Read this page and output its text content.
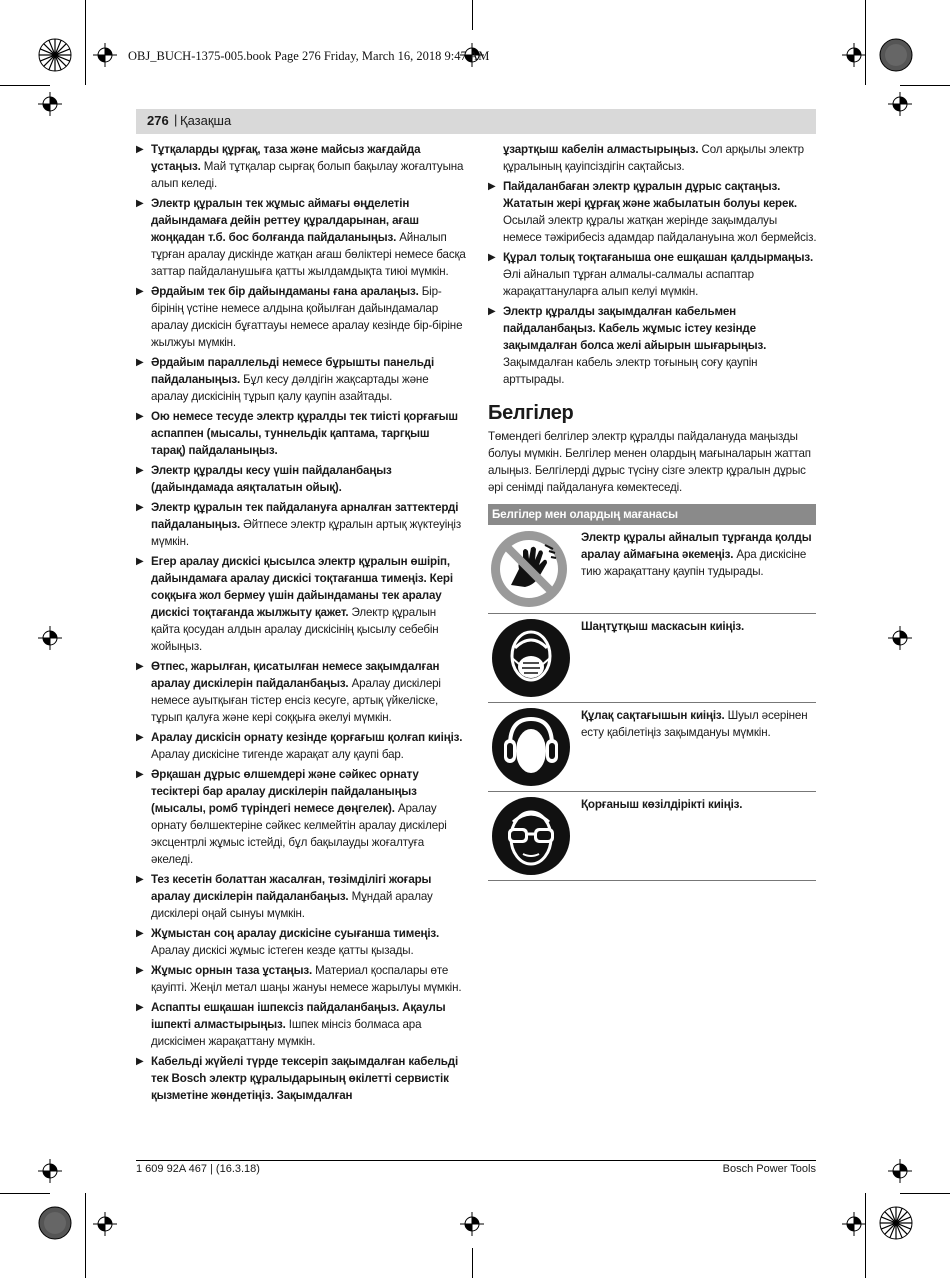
OBJ_BUCH-1375-005.book Page 276 Friday, March 16, 2018 9:47 AM
276 | Қазақша
▶ Тұтқаларды құрғақ, таза және майсыз жағдайда ұстаңыз. Май тұтқалар сырғақ болып бақылау жоғалтуына алып келеді.
▶ Электр құралын тек жұмыс аймағы өңделетін дайындамаға дейін реттеу құралдарынан, ағаш жоңқадан т.б. бос болғанда пайдаланыңыз. Айналып тұрған аралау дискінде жатқан ағаш бөліктері немесе басқа заттар пайдаланушыға қатты жылдамдықта тиюі мүмкін.
▶ Әрдайым тек бір дайындаманы ғана аралаңыз. Бір-бірінің үстіне немесе алдына қойылған дайындамалар аралау дискісін бұғаттауы немесе аралау кезінде бір-біріне жылжуы мүмкін.
▶ Әрдайым параллельді немесе бұрышты панельді пайдаланыңыз. Бұл кесу дәлдігін жақсартады және аралау дискісінің тұрып қалу қаупін азайтады.
▶ Ою немесе тесуде электр құралды тек тиісті қорғағыш аспаппен (мысалы, туннельдік қаптама, таргқыш тарақ) пайдаланыңыз.
▶ Электр құралды кесу үшін пайдаланбаңыз (дайындамада аяқталатын ойық).
▶ Электр құралын тек пайдалануға арналған заттектерді пайдаланыңыз. Әйтпесе электр құралын артық жүктеуіңіз мүмкін.
▶ Егер аралау дискісі қысылса электр құралын өшіріп, дайындамаға аралау дискісі тоқтағанша тимеңіз. Кері соққыға жол бермеу үшін дайындаманы тек аралау дискісі тоқтағанда жылжыту қажет. Электр құралын қайта қосудан алдын аралау дискісінің қысылу себебін жойыңыз.
▶ Өтпес, жарылған, қисатылған немесе зақымдалған аралау дискілерін пайдаланбаңыз. Аралау дискілері немесе ауытқыған тістер енсіз кесуге, артық үйкеліске, тұрып қалуға және кері соққыға әкелуі мүмкін.
▶ Аралау дискісін орнату кезінде қорғағыш қолғап киіңіз. Аралау дискісіне тигенде жарақат алу қаупі бар.
▶ Әрқашан дұрыс өлшемдері және сәйкес орнату тесіктері бар аралау дискілерін пайдаланыңыз (мысалы, ромб түріндегі немесе дөңгелек). Аралау орнату бөлшектеріне сәйкес келмейтін аралау дискілері эксцентрлі жұмыс істейді, бұл бақылауды жоғалтуға әкеледі.
▶ Тез кесетін болаттан жасалған, төзімділігі жоғары аралау дискілерін пайдаланбаңыз. Мұндай аралау дискілері оңай сынуы мүмкін.
▶ Жұмыстан соң аралау дискісіне суығанша тимеңіз. Аралау дискісі жұмыс істеген кезде қатты қызады.
▶ Жұмыс орнын таза ұстаңыз. Материал қоспалары өте қауіпті. Жеңіл метал шаңы жануы немесе жарылуы мүмкін.
▶ Аспапты ешқашан ішпексіз пайдаланбаңыз. Ақаулы ішпекті алмастырыңыз. Ішпек мінсіз болмаса ара дискісімен жарақаттану мүмкін.
▶ Кабельді жүйелі түрде тексеріп зақымдалған кабельді тек Bosch электр құралыдарының өкілетті сервистік қызметіне жөндетіңіз. Зақымдалған
ұзартқыш кабелін алмастырыңыз. Сол арқылы электр құралының қауіпсіздігін сақтайсыз.
▶ Пайдаланбаған электр құралын дұрыс сақтаңыз. Жататын жері құрғақ және жабылатын болуы керек. Осылай электр құралы жатқан жерінде зақымдалуы немесе тәжірибесіз адамдар пайдалануына жол бермейсіз.
▶ Құрал толық тоқтағаныша оне ешқашан қалдырмаңыз. Әлі айналып тұрған алмалы-салмалы аспаптар жарақаттануларға алып келуі мүмкін.
▶ Электр құралды зақымдалған кабельмен пайдаланбаңыз. Кабель жұмыс істеу кезінде зақымдалған болса желі айырын шығарыңыз. Зақымдалған кабель электр тоғының соғу қаупін арттырады.
Белгілер
Төмендегі белгілер электр құралды пайдалануда маңызды болуы мүмкін. Белгілер менен олардың мағыналарын жаттап алыңыз. Белгілерді дұрыс түсіну сізге электр құралын дұрыс әрі сенімді пайдалануға көмектеседі.
Белгілер мен олардың мағанасы	

	Электр құралы айналып тұрғанда қолды аралау аймағына әкемеңіз. Ара дискісіне тию жарақаттану қаупін тудырады.

	Шаңтұтқыш маскасын киіңіз.

	Құлақ сақтағышын киіңіз. Шуыл әсерінен есту қабілетіңіз зақымдануы мүмкін.

	Қорғаныш көзілдірікті киіңіз.
1 609 92A 467 | (16.3.18)	Bosch Power Tools
